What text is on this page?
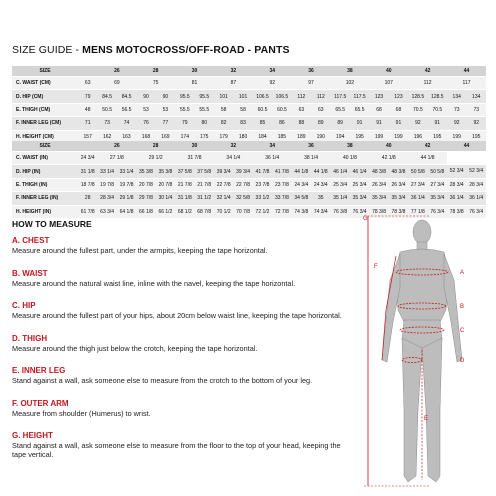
SIZE GUIDE - MENS MOTOCROSS/OFF-ROAD - PANTS
SIZE		26		28		30		32		34		36		38		40		42		44	
C. WAIST (CM)	63	69		75		81		87		92		97		102		107		112		117	
D. HIP (CM)	79	84.5	84.5	90	90	95.5	95.5	101	101	106.5	106.5	112	112	117.5	117.5	123	123	128.5	128.5	134	134
E. THIGH (CM)	48	50.5	56.5	53	53	55.5	55.5	58	58	60.5	60.5	63	63	65.5	65.5	68	68	70.5	70.5	73	73
F. INNER LEG (CM)	71	73	74	76	77	79	80	82	83	85	86	88	89	89	91	91	91	92	91	92	92
H. HEIGHT (CM)	157	162	163	168	169	174	175	179	180	184	185	189	190	194	195	199	199	196	195	199	195
SIZE		26		28		30		32		34		36		38		40		42		44	
C. WAIST (IN)	24 3/4	27 1/8		29 1/2		31 7/8		34 1/4		36 1/4		38 1/4		40 1/8		42 1/8		44 1/8			
D. HIP (IN)	31 1/8	33 1/4	33 1/4	35 3/8	35 3/8	37 5/8	37 5/8	39 3/4	39 3/4	41 7/8	41 7/8	44 1/8	44 1/8	46 1/4	46 1/4	48 3/8	48 3/8	50 5/8	50 5/8	52 3/4	52 3/4
E. THIGH (IN)	18 7/8	19 7/8	19 7/8	20 7/8	20 7/8	21 7/8	21 7/8	22 7/8	22 7/8	23 7/8	23 7/8	24 3/4	24 3/4	25 3/4	25 3/4	26 3/4	26 3/4	27 3/4	27 3/4	28 3/4	28 3/4
F. INNER LEG (IN)	28	28 3/4	29 1/8	29 7/8	30 1/4	31 1/8	31 1/2	32 1/4	32 5/8	33 1/2	33 7/8	34 5/8	35	35 1/4	35 3/4	35 3/4	35 3/4	36 1/4	35 3/4	36 1/4	36 1/4
H. HEIGHT (IN)	61 7/8	63 3/4	64 1/8	66 1/8	66 1/2	68 1/2	68 7/8	70 1/2	70 7/8	72 1/2	72 7/8	74 3/8	74 3/4	76 3/8	76 3/4	78 3/8	78 3/8	77 1/8	76 3/4	78 3/8	76 3/4
HOW TO MEASURE
A. CHEST
Measure around the fullest part, under the armpits, keeping the tape horizontal.
B. WAIST
Measure around the natural waist line, inline with the navel, keeping the tape horizontal.
C. HIP
Measure around the fullest part of your hips, about 20cm below waist line, keeping the tape horizontal.
D. THIGH
Measure around the thigh just below the crotch, keeping the tape horizontal.
E. INNER LEG
Stand against a wall, ask someone else to measure from the crotch to the bottom of your leg.
F. OUTER ARM
Measure from shoulder (Humerus) to wrist.
G. HEIGHT
Stand against a wall, ask someone else to measure from the floor to the top of your head, keeping the tape vertical.
G
F
A
B
C
D
E
